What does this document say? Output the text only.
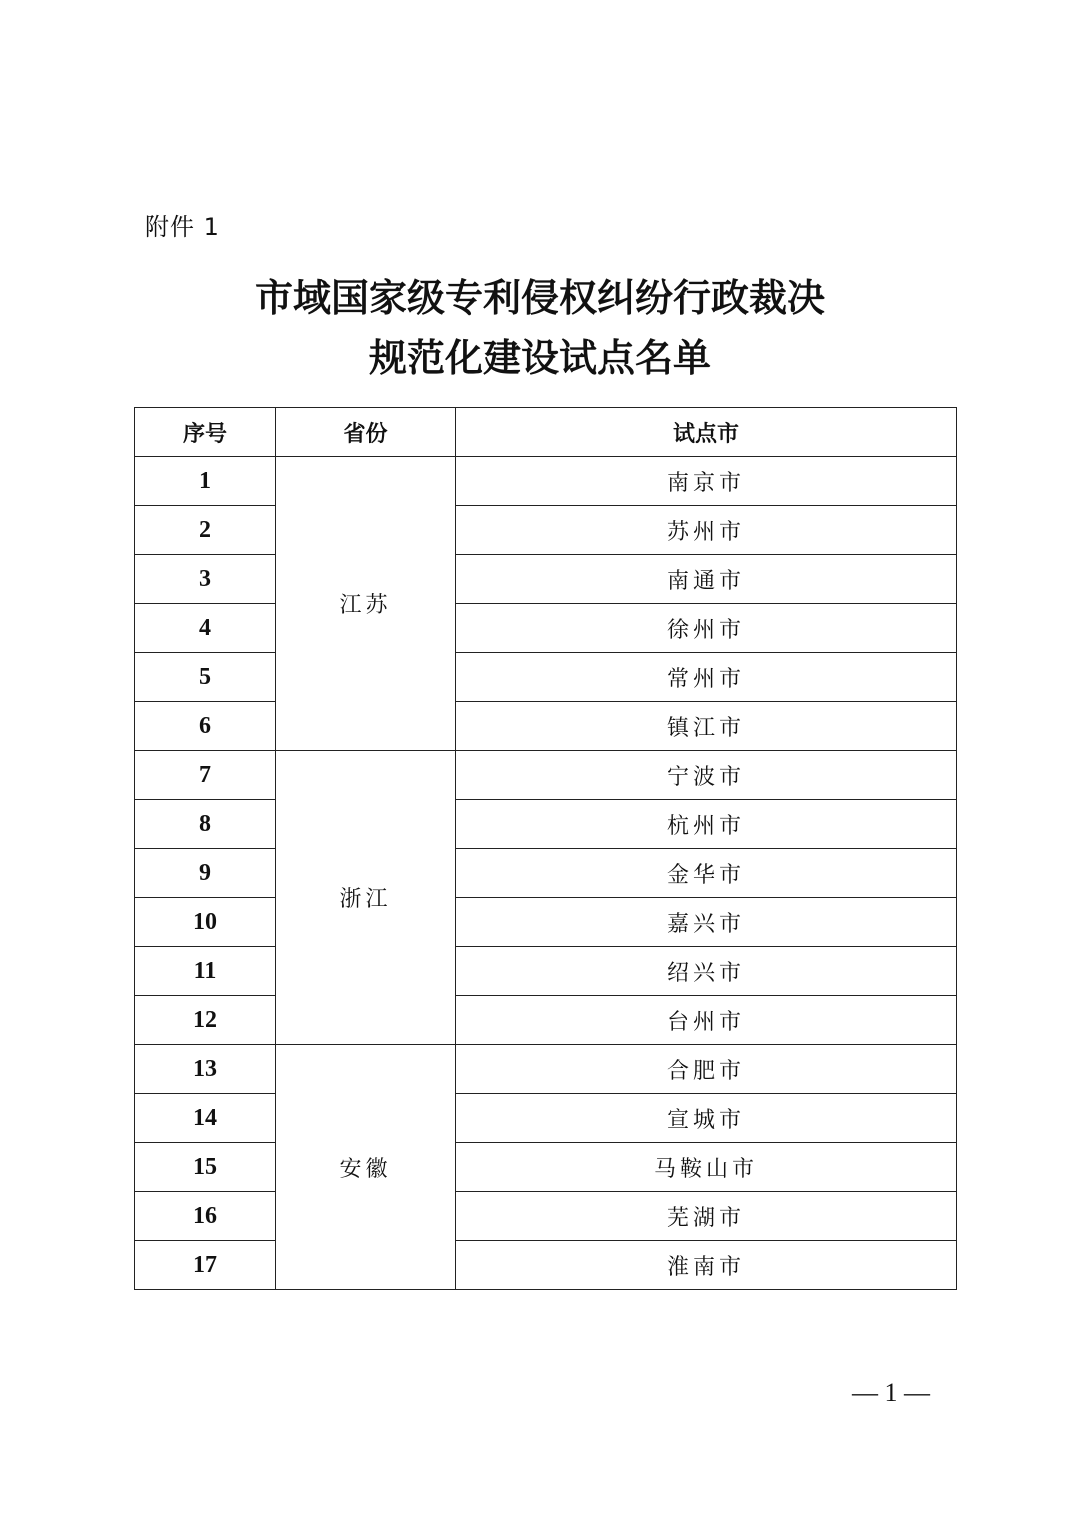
附件 1
市域国家级专利侵权纠纷行政裁决
规范化建设试点名单
序号	省份	试点市
1	江苏	南京市
2		苏州市
3		南通市
4		徐州市
5		常州市
6		镇江市
7	浙江	宁波市
8		杭州市
9		金华市
10		嘉兴市
11		绍兴市
12		台州市
13	安徽	合肥市
14		宣城市
15		马鞍山市
16		芜湖市
17		淮南市
— 1 —
